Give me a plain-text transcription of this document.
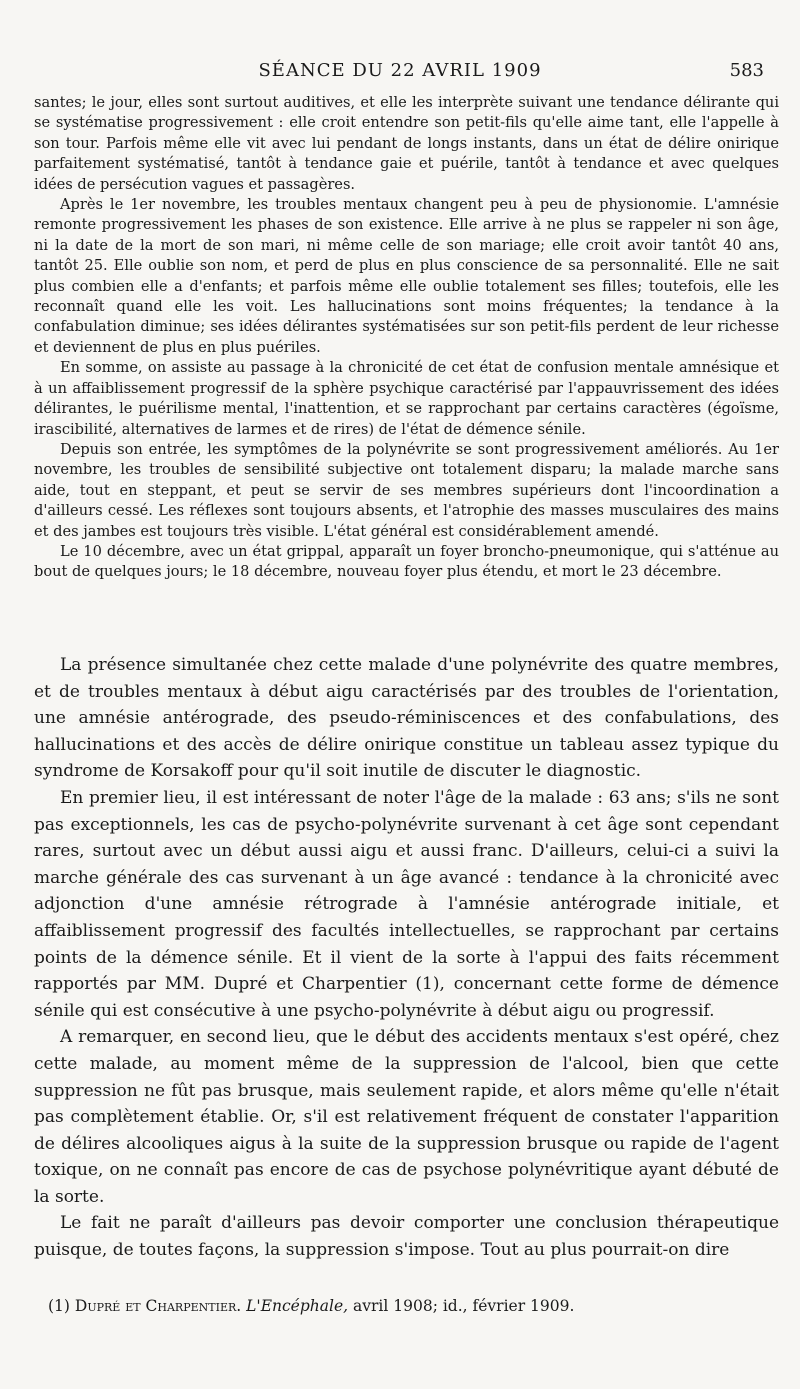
SÉANCE DU 22 AVRIL 1909	583

santes; le jour, elles sont surtout auditives, et elle les interprète suivant une tendance délirante qui se systématise progressivement : elle croit entendre son petit-fils qu'elle aime tant, elle l'appelle à son tour. Parfois même elle vit avec lui pendant de longs instants, dans un état de délire onirique parfaitement systématisé, tantôt à tendance gaie et puérile, tantôt à tendance et avec quelques idées de persécution vagues et passagères.

Après le 1er novembre, les troubles mentaux changent peu à peu de physionomie. L'amnésie remonte progressivement les phases de son existence. Elle arrive à ne plus se rappeler ni son âge, ni la date de la mort de son mari, ni même celle de son mariage; elle croit avoir tantôt 40 ans, tantôt 25. Elle oublie son nom, et perd de plus en plus conscience de sa personnalité. Elle ne sait plus combien elle a d'enfants; et parfois même elle oublie totalement ses filles; toutefois, elle les reconnaît quand elle les voit. Les hallucinations sont moins fréquentes; la tendance à la confabulation diminue; ses idées délirantes systématisées sur son petit-fils perdent de leur richesse et deviennent de plus en plus puériles.

En somme, on assiste au passage à la chronicité de cet état de confusion mentale amnésique et à un affaiblissement progressif de la sphère psychique caractérisé par l'appauvrissement des idées délirantes, le puérilisme mental, l'inattention, et se rapprochant par certains caractères (égoïsme, irascibilité, alternatives de larmes et de rires) de l'état de démence sénile.

Depuis son entrée, les symptômes de la polynévrite se sont progressivement améliorés. Au 1er novembre, les troubles de sensibilité subjective ont totalement disparu; la malade marche sans aide, tout en steppant, et peut se servir de ses membres supérieurs dont l'incoordination a d'ailleurs cessé. Les réflexes sont toujours absents, et l'atrophie des masses musculaires des mains et des jambes est toujours très visible. L'état général est considérablement amendé.

Le 10 décembre, avec un état grippal, apparaît un foyer broncho-pneumonique, qui s'atténue au bout de quelques jours; le 18 décembre, nouveau foyer plus étendu, et mort le 23 décembre.

La présence simultanée chez cette malade d'une polynévrite des quatre membres, et de troubles mentaux à début aigu caractérisés par des troubles de l'orientation, une amnésie antérograde, des pseudo-réminiscences et des confabulations, des hallucinations et des accès de délire onirique constitue un tableau assez typique du syndrome de Korsakoff pour qu'il soit inutile de discuter le diagnostic.

En premier lieu, il est intéressant de noter l'âge de la malade : 63 ans; s'ils ne sont pas exceptionnels, les cas de psycho-polynévrite survenant à cet âge sont cependant rares, surtout avec un début aussi aigu et aussi franc. D'ailleurs, celui-ci a suivi la marche générale des cas survenant à un âge avancé : tendance à la chronicité avec adjonction d'une amnésie rétrograde à l'amnésie antérograde initiale, et affaiblissement progressif des facultés intellectuelles, se rapprochant par certains points de la démence sénile. Et il vient de la sorte à l'appui des faits récemment rapportés par MM. Dupré et Charpentier (1), concernant cette forme de démence sénile qui est consécutive à une psycho-polynévrite à début aigu ou progressif.

A remarquer, en second lieu, que le début des accidents mentaux s'est opéré, chez cette malade, au moment même de la suppression de l'alcool, bien que cette suppression ne fût pas brusque, mais seulement rapide, et alors même qu'elle n'était pas complètement établie. Or, s'il est relativement fréquent de constater l'apparition de délires alcooliques aigus à la suite de la suppression brusque ou rapide de l'agent toxique, on ne connaît pas encore de cas de psychose polynévritique ayant débuté de la sorte.

Le fait ne paraît d'ailleurs pas devoir comporter une conclusion thérapeutique puisque, de toutes façons, la suppression s'impose. Tout au plus pourrait-on dire

(1) Dupré et Charpentier. L'Encéphale, avril 1908; id., février 1909.
